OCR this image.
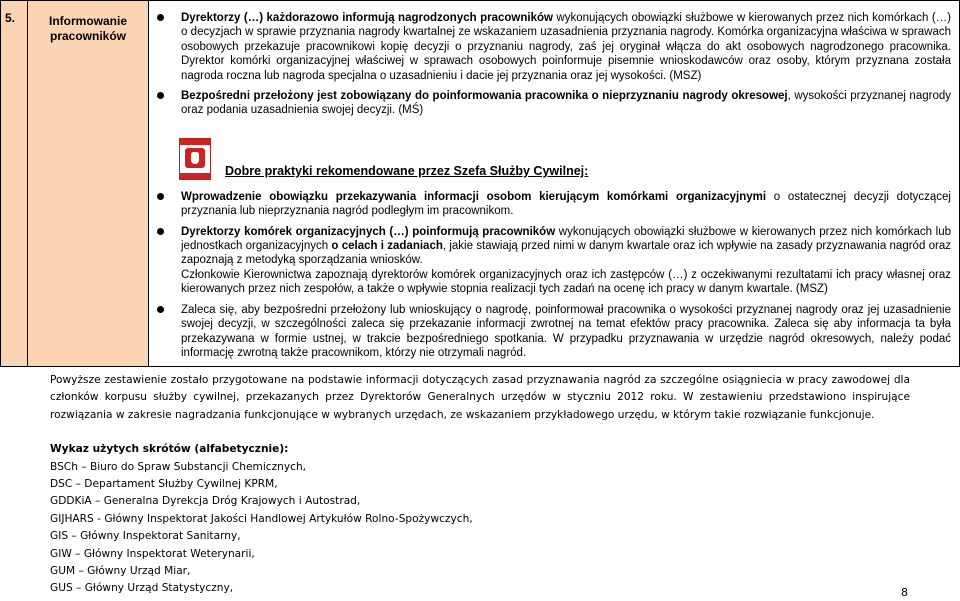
5.	Informowanie pracowników	
Dyrektorzy (…) każdorazowo informują nagrodzonych pracowników wykonujących obowiązki służbowe w kierowanych przez nich komórkach (…) o decyzjach w sprawie przyznania nagrody kwartalnej ze wskazaniem uzasadnienia przyznania nagrody. Komórka organizacyjna właściwa w sprawach osobowych przekazuje pracownikowi kopię decyzji o przyznaniu nagrody, zaś jej oryginał włącza do akt osobowych nagrodzonego pracownika. Dyrektor komórki organizacyjnej właściwej w sprawach osobowych poinformuje pisemnie wnioskodawców oraz osoby, którym przyznana została nagroda roczna lub nagroda specjalna o uzasadnieniu i dacie jej przyznania oraz jej wysokości. (MSZ)
Bezpośredni przełożony jest zobowiązany do poinformowania pracownika o nieprzyznaniu nagrody okresowej, wysokości przyznanej nagrody oraz podania uzasadnienia swojej decyzji. (MŚ)
Dobre praktyki rekomendowane przez Szefa Służby Cywilnej:
Wprowadzenie obowiązku przekazywania informacji osobom kierującym komórkami organizacyjnymi o ostatecznej decyzji dotyczącej przyznania lub nieprzyznania nagród podległym im pracownikom.
Dyrektorzy komórek organizacyjnych (…) poinformują pracowników wykonujących obowiązki służbowe w kierowanych przez nich komórkach lub jednostkach organizacyjnych o celach i zadaniach, jakie stawiają przed nimi w danym kwartale oraz ich wpływie na zasady przyznawania nagród oraz zapoznają z metodyką sporządzania wniosków.
Członkowie Kierownictwa zapoznają dyrektorów komórek organizacyjnych oraz ich zastępców (…) z oczekiwanymi rezultatami ich pracy własnej oraz kierowanych przez nich zespołów, a także o wpływie stopnia realizacji tych zadań na ocenę ich pracy w danym kwartale. (MSZ)
Zaleca się, aby bezpośredni przełożony lub wnioskujący o nagrodę, poinformował pracownika o wysokości przyznanej nagrody oraz jej uzasadnienie swojej decyzji, w szczególności zaleca się przekazanie informacji zwrotnej na temat efektów pracy pracownika. Zaleca się aby informacja ta była przekazywana w formie ustnej, w trakcie bezpośredniego spotkania. W przypadku przyznawania w urzędzie nagród okresowych, należy podać informację zwrotną także pracownikom, którzy nie otrzymali nagród.

Powyższe zestawienie zostało przygotowane na podstawie informacji dotyczących zasad przyznawania nagród za szczególne osiągniecia w pracy zawodowej dla członków korpusu służby cywilnej, przekazanych przez Dyrektorów Generalnych urzędów w styczniu 2012 roku. W zestawieniu przedstawiono inspirujące rozwiązania w zakresie nagradzania funkcjonujące w wybranych urzędach, ze wskazaniem przykładowego urzędu, w którym takie rozwiązanie funkcjonuje.

Wykaz użytych skrótów (alfabetycznie):
BSCh – Biuro do Spraw Substancji Chemicznych,
DSC – Departament Służby Cywilnej KPRM,
GDDKiA – Generalna Dyrekcja Dróg Krajowych i Autostrad,
GIJHARS - Główny Inspektorat Jakości Handlowej Artykułów Rolno-Spożywczych,
GIS – Główny Inspektorat Sanitarny,
GIW – Główny Inspektorat Weterynarii,
GUM – Główny Urząd Miar,
GUS – Główny Urząd Statystyczny,	8
